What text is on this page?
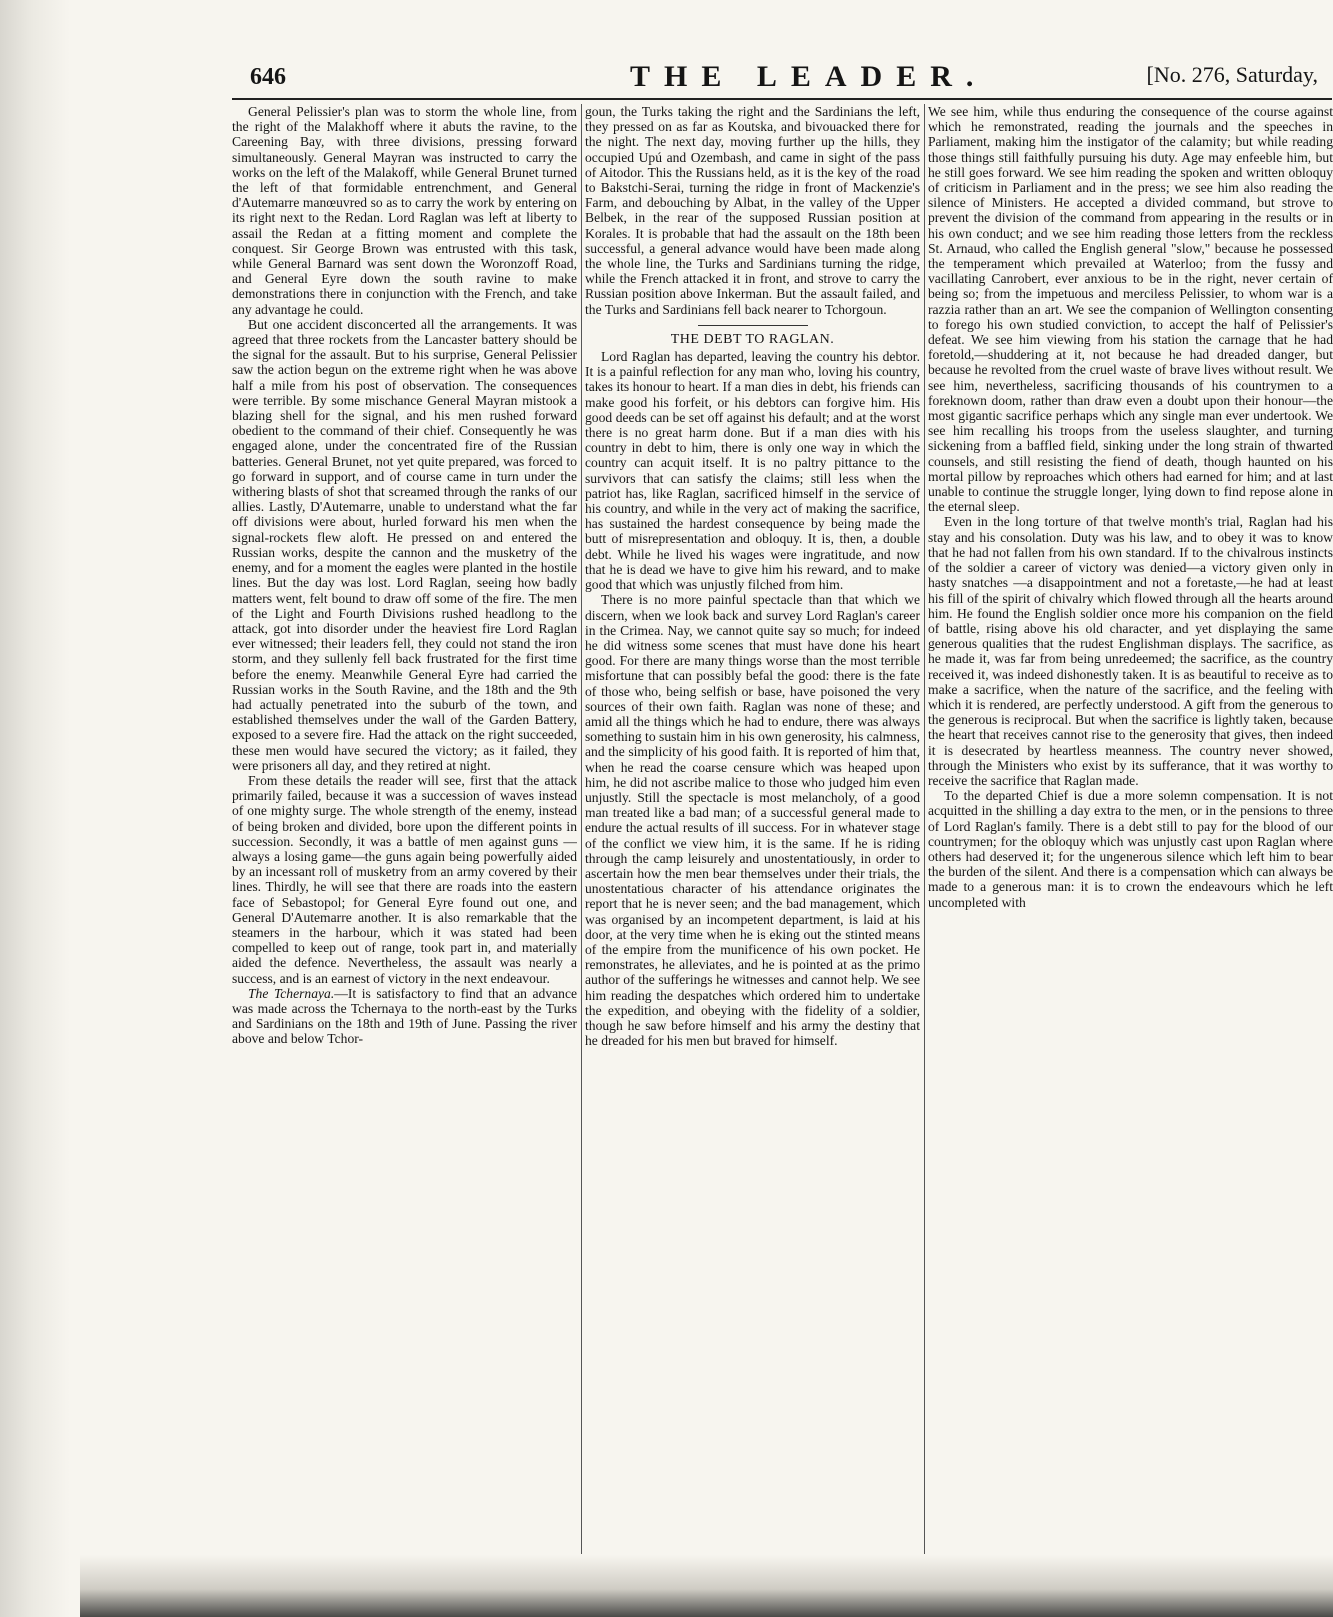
646	THE LEADER.	[No. 276, Saturday,

General Pelissier's plan was to storm the whole line, from the right of the Malakhoff where it abuts the ravine, to the Careening Bay, with three divisions, pressing forward simultaneously. General Mayran was instructed to carry the works on the left of the Malakoff, while General Brunet turned the left of that formidable entrenchment, and General d'Autemarre manœuvred so as to carry the work by entering on its right next to the Redan. Lord Raglan was left at liberty to assail the Redan at a fitting moment and complete the conquest. Sir George Brown was entrusted with this task, while General Barnard was sent down the Woronzoff Road, and General Eyre down the south ravine to make demonstrations there in conjunction with the French, and take any advantage he could.

But one accident disconcerted all the arrangements. It was agreed that three rockets from the Lancaster battery should be the signal for the assault. But to his surprise, General Pelissier saw the action begun on the extreme right when he was above half a mile from his post of observation. The consequences were terrible. By some mischance General Mayran mistook a blazing shell for the signal, and his men rushed forward obedient to the command of their chief. Consequently he was engaged alone, under the concentrated fire of the Russian batteries. General Brunet, not yet quite prepared, was forced to go forward in support, and of course came in turn under the withering blasts of shot that screamed through the ranks of our allies. Lastly, D'Autemarre, unable to understand what the far off divisions were about, hurled forward his men when the signal-rockets flew aloft. He pressed on and entered the Russian works, despite the cannon and the musketry of the enemy, and for a moment the eagles were planted in the hostile lines. But the day was lost. Lord Raglan, seeing how badly matters went, felt bound to draw off some of the fire. The men of the Light and Fourth Divisions rushed headlong to the attack, got into disorder under the heaviest fire Lord Raglan ever witnessed; their leaders fell, they could not stand the iron storm, and they sullenly fell back frustrated for the first time before the enemy. Meanwhile General Eyre had carried the Russian works in the South Ravine, and the 18th and the 9th had actually penetrated into the suburb of the town, and established themselves under the wall of the Garden Battery, exposed to a severe fire. Had the attack on the right succeeded, these men would have secured the victory; as it failed, they were prisoners all day, and they retired at night.

From these details the reader will see, first that the attack primarily failed, because it was a succession of waves instead of one mighty surge. The whole strength of the enemy, instead of being broken and divided, bore upon the different points in succession. Secondly, it was a battle of men against guns —always a losing game—the guns again being powerfully aided by an incessant roll of musketry from an army covered by their lines. Thirdly, he will see that there are roads into the eastern face of Sebastopol; for General Eyre found out one, and General D'Autemarre another. It is also remarkable that the steamers in the harbour, which it was stated had been compelled to keep out of range, took part in, and materially aided the defence. Nevertheless, the assault was nearly a success, and is an earnest of victory in the next endeavour.

The Tchernaya.—It is satisfactory to find that an advance was made across the Tchernaya to the north-east by the Turks and Sardinians on the 18th and 19th of June. Passing the river above and below Tchor-

goun, the Turks taking the right and the Sardinians the left, they pressed on as far as Koutska, and bivouacked there for the night. The next day, moving further up the hills, they occupied Upú and Ozembash, and came in sight of the pass of Aitodor. This the Russians held, as it is the key of the road to Bakstchi-Serai, turning the ridge in front of Mackenzie's Farm, and debouching by Albat, in the valley of the Upper Belbek, in the rear of the supposed Russian position at Korales. It is probable that had the assault on the 18th been successful, a general advance would have been made along the whole line, the Turks and Sardinians turning the ridge, while the French attacked it in front, and strove to carry the Russian position above Inkerman. But the assault failed, and the Turks and Sardinians fell back nearer to Tchorgoun.

THE DEBT TO RAGLAN.

Lord Raglan has departed, leaving the country his debtor. It is a painful reflection for any man who, loving his country, takes its honour to heart. If a man dies in debt, his friends can make good his forfeit, or his debtors can forgive him. His good deeds can be set off against his default; and at the worst there is no great harm done. But if a man dies with his country in debt to him, there is only one way in which the country can acquit itself. It is no paltry pittance to the survivors that can satisfy the claims; still less when the patriot has, like Raglan, sacrificed himself in the service of his country, and while in the very act of making the sacrifice, has sustained the hardest consequence by being made the butt of misrepresentation and obloquy. It is, then, a double debt. While he lived his wages were ingratitude, and now that he is dead we have to give him his reward, and to make good that which was unjustly filched from him.

There is no more painful spectacle than that which we discern, when we look back and survey Lord Raglan's career in the Crimea. Nay, we cannot quite say so much; for indeed he did witness some scenes that must have done his heart good. For there are many things worse than the most terrible misfortune that can possibly befal the good: there is the fate of those who, being selfish or base, have poisoned the very sources of their own faith. Raglan was none of these; and amid all the things which he had to endure, there was always something to sustain him in his own generosity, his calmness, and the simplicity of his good faith. It is reported of him that, when he read the coarse censure which was heaped upon him, he did not ascribe malice to those who judged him even unjustly. Still the spectacle is most melancholy, of a good man treated like a bad man; of a successful general made to endure the actual results of ill success. For in whatever stage of the conflict we view him, it is the same. If he is riding through the camp leisurely and unostentatiously, in order to ascertain how the men bear themselves under their trials, the unostentatious character of his attendance originates the report that he is never seen; and the bad management, which was organised by an incompetent department, is laid at his door, at the very time when he is eking out the stinted means of the empire from the munificence of his own pocket. He remonstrates, he alleviates, and he is pointed at as the primo author of the sufferings he witnesses and cannot help. We see him reading the despatches which ordered him to undertake the expedition, and obeying with the fidelity of a soldier, though he saw before himself and his army the destiny that he dreaded for his men but braved for himself.

We see him, while thus enduring the consequence of the course against which he remonstrated, reading the journals and the speeches in Parliament, making him the instigator of the calamity; but while reading those things still faithfully pursuing his duty. Age may enfeeble him, but he still goes forward. We see him reading the spoken and written obloquy of criticism in Parliament and in the press; we see him also reading the silence of Ministers. He accepted a divided command, but strove to prevent the division of the command from appearing in the results or in his own conduct; and we see him reading those letters from the reckless St. Arnaud, who called the English general "slow," because he possessed the temperament which prevailed at Waterloo; from the fussy and vacillating Canrobert, ever anxious to be in the right, never certain of being so; from the impetuous and merciless Pelissier, to whom war is a razzia rather than an art. We see the companion of Wellington consenting to forego his own studied conviction, to accept the half of Pelissier's defeat. We see him viewing from his station the carnage that he had foretold,—shuddering at it, not because he had dreaded danger, but because he revolted from the cruel waste of brave lives without result. We see him, nevertheless, sacrificing thousands of his countrymen to a foreknown doom, rather than draw even a doubt upon their honour—the most gigantic sacrifice perhaps which any single man ever undertook. We see him recalling his troops from the useless slaughter, and turning sickening from a baffled field, sinking under the long strain of thwarted counsels, and still resisting the fiend of death, though haunted on his mortal pillow by reproaches which others had earned for him; and at last unable to continue the struggle longer, lying down to find repose alone in the eternal sleep.

Even in the long torture of that twelve month's trial, Raglan had his stay and his consolation. Duty was his law, and to obey it was to know that he had not fallen from his own standard. If to the chivalrous instincts of the soldier a career of victory was denied—a victory given only in hasty snatches —a disappointment and not a foretaste,—he had at least his fill of the spirit of chivalry which flowed through all the hearts around him. He found the English soldier once more his companion on the field of battle, rising above his old character, and yet displaying the same generous qualities that the rudest Englishman displays. The sacrifice, as he made it, was far from being unredeemed; the sacrifice, as the country received it, was indeed dishonestly taken. It is as beautiful to receive as to make a sacrifice, when the nature of the sacrifice, and the feeling with which it is rendered, are perfectly understood. A gift from the generous to the generous is reciprocal. But when the sacrifice is lightly taken, because the heart that receives cannot rise to the generosity that gives, then indeed it is desecrated by heartless meanness. The country never showed, through the Ministers who exist by its sufferance, that it was worthy to receive the sacrifice that Raglan made.

To the departed Chief is due a more solemn compensation. It is not acquitted in the shilling a day extra to the men, or in the pensions to three of Lord Raglan's family. There is a debt still to pay for the blood of our countrymen; for the obloquy which was unjustly cast upon Raglan where others had deserved it; for the ungenerous silence which left him to bear the burden of the silent. And there is a compensation which can always be made to a generous man: it is to crown the endeavours which he left uncompleted with
